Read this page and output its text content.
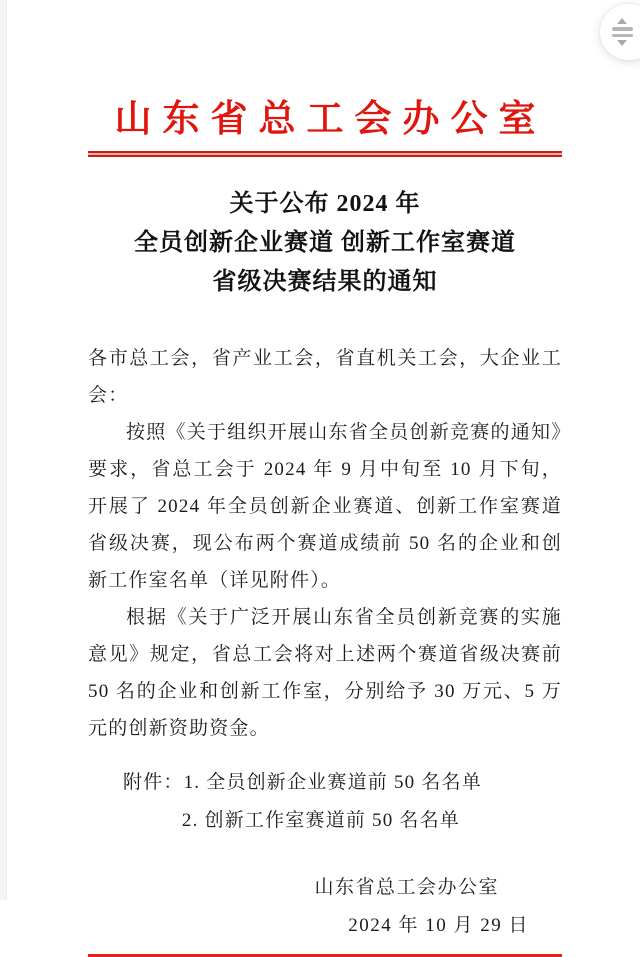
山东省总工会办公室
关于公布 2024 年
全员创新企业赛道 创新工作室赛道
省级决赛结果的通知

各市总工会，省产业工会，省直机关工会，大企业工会：

按照《关于组织开展山东省全员创新竞赛的通知》要求，省总工会于 2024 年 9 月中旬至 10 月下旬，开展了 2024 年全员创新企业赛道、创新工作室赛道省级决赛，现公布两个赛道成绩前 50 名的企业和创新工作室名单（详见附件）。

根据《关于广泛开展山东省全员创新竞赛的实施意见》规定，省总工会将对上述两个赛道省级决赛前 50 名的企业和创新工作室，分别给予 30 万元、5 万元的创新资助资金。

附件：1. 全员创新企业赛道前 50 名名单
2. 创新工作室赛道前 50 名名单
山东省总工会办公室
2024 年 10 月 29 日
